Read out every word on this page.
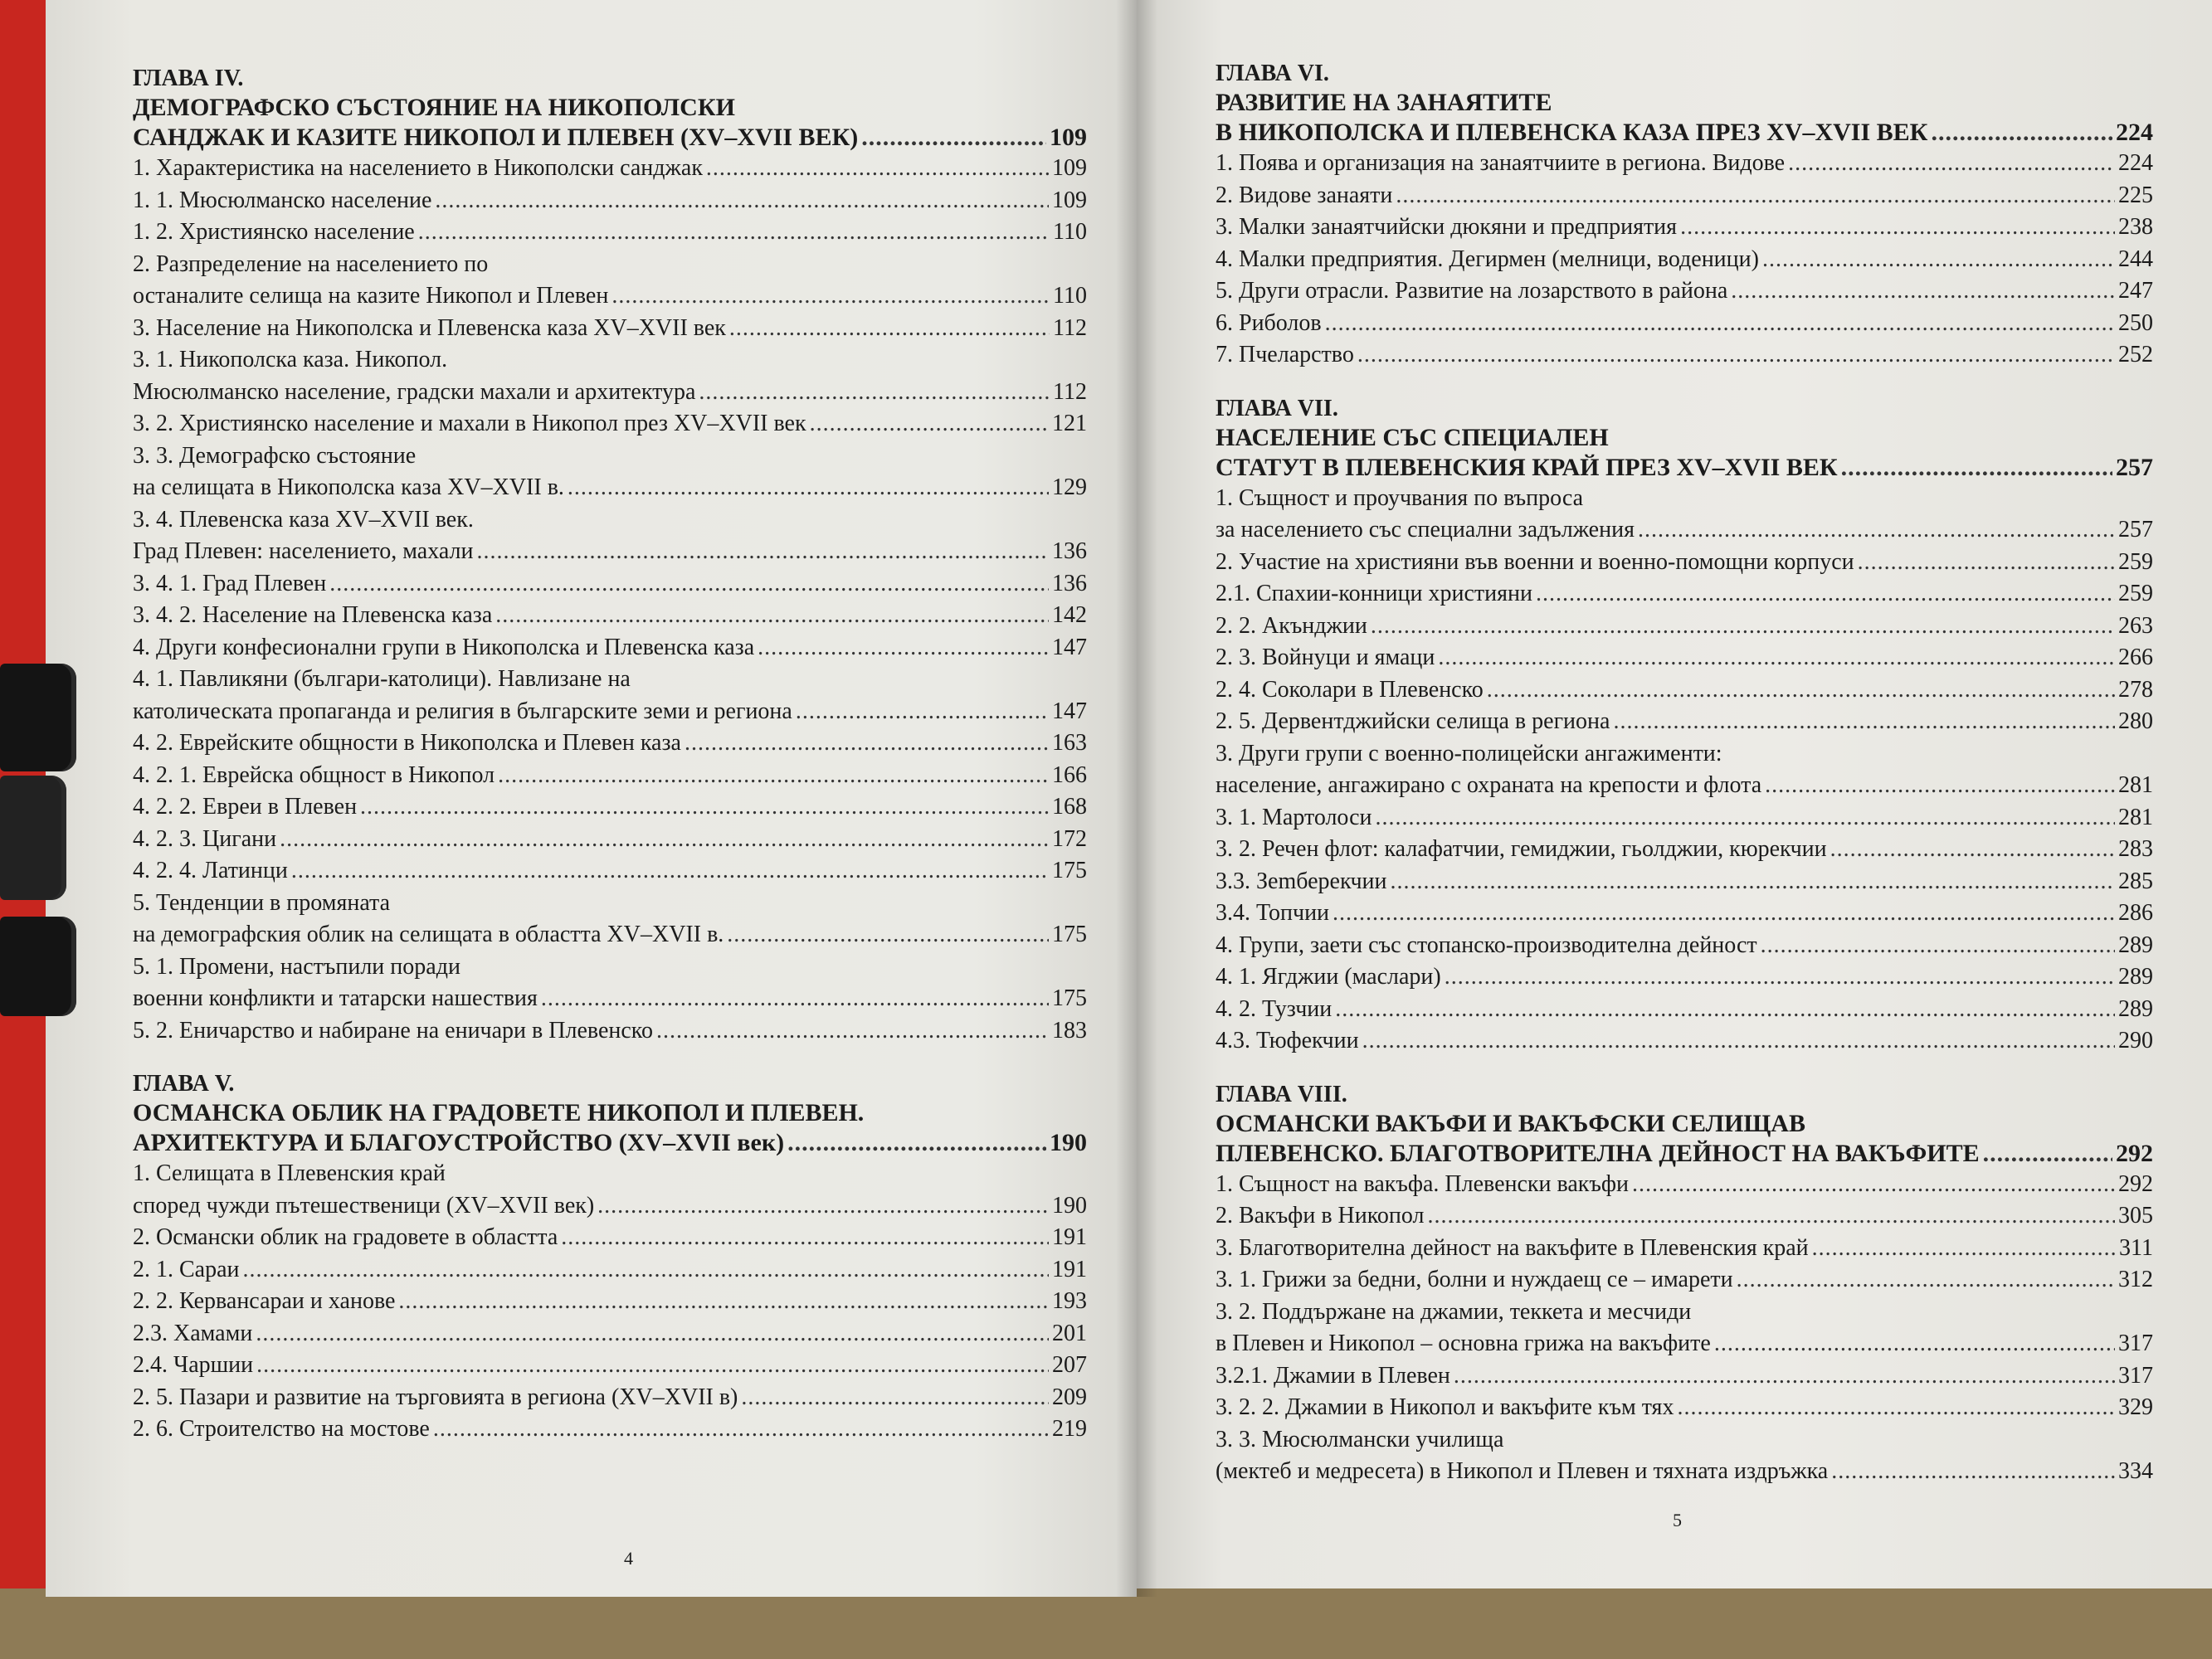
ГЛАВА IV.
ДЕМОГРАФСКО СЪСТОЯНИЕ НА НИКОПОЛСКИ
САНДЖАК И КАЗИТЕ НИКОПОЛ И ПЛЕВЕН (XV–XVII ВЕК) .....	109
1. Характеристика на населението в Никополски санджак .....	109
1. 1. Мюсюлманско население .....	109
1. 2. Християнско население .....	110
2. Разпределение на населението по
останалите селища на казите Никопол и Плевен .....	110
3. Население на Никополска и Плевенска каза XV–XVII век .....	112
3. 1. Никополска каза. Никопол.
Мюсюлманско население, градски махали и архитектура .....	112
3. 2. Християнско население и махали в Никопол през XV–XVII век .....	121
3. 3. Демографско състояние
на селищата в Никополска каза XV–XVII в. .....	129
3. 4. Плевенска каза XV–XVII век.
Град Плевен: населението, махали .....	136
3. 4. 1. Град Плевен .....	136
3. 4. 2. Население на Плевенска каза .....	142
4. Други конфесионални групи в Никополска и Плевенска каза .....	147
4. 1. Павликяни (българи-католици). Навлизане на
католическата пропаганда и религия в българските земи и региона .....	147
4. 2. Еврейските общности в Никополска и Плевен каза .....	163
4. 2. 1. Еврейска общност в Никопол .....	166
4. 2. 2. Евреи в Плевен .....	168
4. 2. 3. Цигани .....	172
4. 2. 4. Латинци .....	175
5. Тенденции в промяната
на демографския облик на селищата в областта XV–XVII в. .....	175
5. 1. Промени, настъпили поради
военни конфликти и татарски нашествия .....	175
5. 2. Еничарство и набиране на еничари в Плевенско .....	183
ГЛАВА V.
ОСМАНСКА ОБЛИК НА ГРАДОВЕТЕ НИКОПОЛ И ПЛЕВЕН.
АРХИТЕКТУРА И БЛАГОУСТРОЙСТВО (XV–XVII век) .....	190
1. Селищата в Плевенския край
според чужди пътешественици (XV–XVII век) .....	190
2. Османски облик на градовете в областта .....	191
2. 1. Сараи .....	191
2. 2. Кервансараи и ханове .....	193
2.3. Хамами .....	201
2.4. Чаршии .....	207
2. 5. Пазари и развитие на търговията в региона (XV–XVII в) .....	209
2. 6. Строителство на мостове .....	219
ГЛАВА VI.
РАЗВИТИЕ НА ЗАНАЯТИТЕ
В НИКОПОЛСКА И ПЛЕВЕНСКА КАЗА ПРЕЗ XV–XVII ВЕК .....	224
1. Поява и организация на занаятчиите в региона. Видове .....	224
2. Видове занаяти .....	225
3. Малки занаятчийски дюкяни и предприятия .....	238
4. Малки предприятия. Дегирмен (мелници, воденици) .....	244
5. Други отрасли. Развитие на лозарството в района .....	247
6. Риболов .....	250
7. Пчеларство .....	252
ГЛАВА VII.
НАСЕЛЕНИЕ СЪС СПЕЦИАЛЕН
СТАТУТ В ПЛЕВЕНСКИЯ КРАЙ ПРЕЗ XV–XVII ВЕК .....	257
1. Същност и проучвания по въпроса
за населението със специални задължения .....	257
2. Участие на християни във военни и военно-помощни корпуси .....	259
2.1. Спахии-конници християни .....	259
2. 2. Акънджии .....	263
2. 3. Войнуци и ямаци .....	266
2. 4. Соколари в Плевенско .....	278
2. 5. Дервентджийски селища в региона .....	280
3. Други групи с военно-полицейски ангажименти:
население, ангажирано с охраната на крепости и флота .....	281
3. 1. Мартолоси .....	281
3. 2. Речен флот: калафатчии, гемиджии, гьолджии, кюрекчии .....	283
3.3. Зemберекчии .....	285
3.4. Топчии .....	286
4. Групи, заети със стопанско-производителна дейност .....	289
4. 1. Ягджии (маслари) .....	289
4. 2. Тузчии .....	289
4.3. Тюфекчии .....	290
ГЛАВА VIII.
ОСМАНСКИ ВАКЪФИ И ВАКЪФСКИ СЕЛИЩАВ
ПЛЕВЕНСКО. БЛАГОТВОРИТЕЛНА ДЕЙНОСТ НА ВАКЪФИТЕ .....	292
1. Същност на вакъфа. Плевенски вакъфи .....	292
2. Вакъфи в Никопол .....	305
3. Благотворителна дейност на вакъфите в Плевенския край .....	311
3. 1. Грижи за бедни, болни и нуждаещ се – имарети .....	312
3. 2. Поддържане на джамии, теккета и месчиди
в Плевен и Никопол – основна грижа на вакъфите .....	317
3.2.1. Джамии в Плевен .....	317
3. 2. 2. Джамии в Никопол и вакъфите към тях .....	329
3. 3. Мюсюлмански училища
(мектеб и медресета) в Никопол и Плевен и тяхната издръжка .....	334
4
5
